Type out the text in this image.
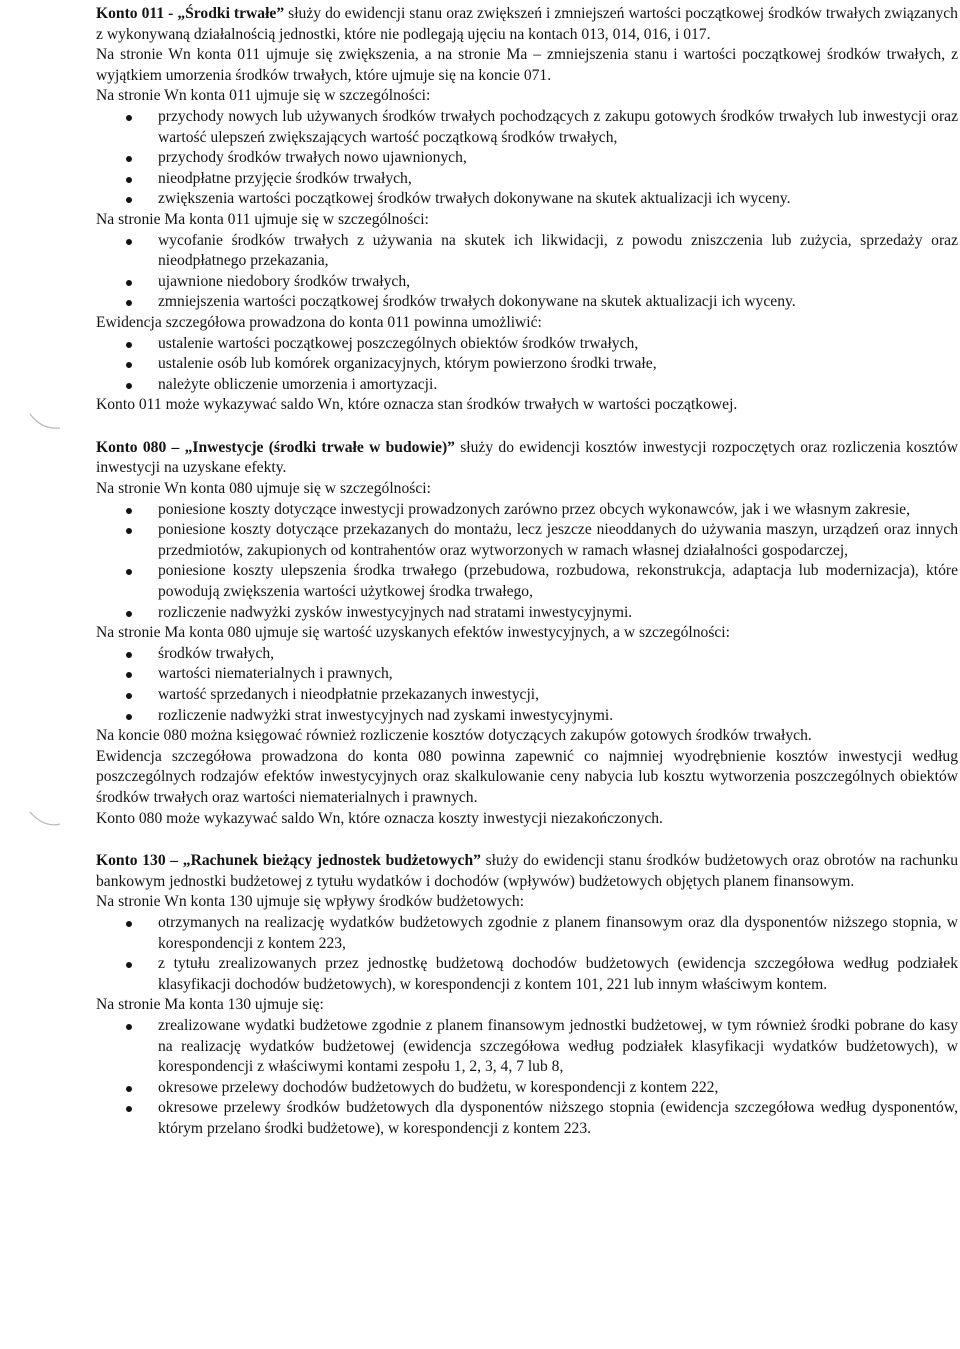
Konto 011 - „Środki trwałe” służy do ewidencji stanu oraz zwiększeń i zmniejszeń wartości początkowej środków trwałych związanych z wykonywaną działalnością jednostki, które nie podlegają ujęciu na kontach 013, 014, 016, i 017.

Na stronie Wn konta 011 ujmuje się zwiększenia, a na stronie Ma – zmniejszenia stanu i wartości początkowej środków trwałych, z wyjątkiem umorzenia środków trwałych, które ujmuje się na koncie 071.

Na stronie Wn konta 011 ujmuje się w szczególności:

przychody nowych lub używanych środków trwałych pochodzących z zakupu gotowych środków trwałych lub inwestycji oraz wartość ulepszeń zwiększających wartość początkową środków trwałych,
przychody środków trwałych nowo ujawnionych,
nieodpłatne przyjęcie środków trwałych,
zwiększenia wartości początkowej środków trwałych dokonywane na skutek aktualizacji ich wyceny.

Na stronie Ma konta 011 ujmuje się w szczególności:

wycofanie środków trwałych z używania na skutek ich likwidacji, z powodu zniszczenia lub zużycia, sprzedaży oraz nieodpłatnego przekazania,
ujawnione niedobory środków trwałych,
zmniejszenia wartości początkowej środków trwałych dokonywane na skutek aktualizacji ich wyceny.

Ewidencja szczegółowa prowadzona do konta 011 powinna umożliwić:

ustalenie wartości początkowej poszczególnych obiektów środków trwałych,
ustalenie osób lub komórek organizacyjnych, którym powierzono środki trwałe,
należyte obliczenie umorzenia i amortyzacji.

Konto 011 może wykazywać saldo Wn, które oznacza stan środków trwałych w wartości początkowej.

Konto 080 – „Inwestycje (środki trwałe w budowie)” służy do ewidencji kosztów inwestycji rozpoczętych oraz rozliczenia kosztów inwestycji na uzyskane efekty.

Na stronie Wn konta 080 ujmuje się w szczególności:

poniesione koszty dotyczące inwestycji prowadzonych zarówno przez obcych wykonawców, jak i we własnym zakresie,
poniesione koszty dotyczące przekazanych do montażu, lecz jeszcze nieoddanych do używania maszyn, urządzeń oraz innych przedmiotów, zakupionych od kontrahentów oraz wytworzonych w ramach własnej działalności gospodarczej,
poniesione koszty ulepszenia środka trwałego (przebudowa, rozbudowa, rekonstrukcja, adaptacja lub modernizacja), które powodują zwiększenia wartości użytkowej środka trwałego,
rozliczenie nadwyżki zysków inwestycyjnych nad stratami inwestycyjnymi.

Na stronie Ma konta 080 ujmuje się wartość uzyskanych efektów inwestycyjnych, a w szczególności:

środków trwałych,
wartości niematerialnych i prawnych,
wartość sprzedanych i nieodpłatnie przekazanych inwestycji,
rozliczenie nadwyżki strat inwestycyjnych nad zyskami inwestycyjnymi.

Na koncie 080 można księgować również rozliczenie kosztów dotyczących zakupów gotowych środków trwałych.

Ewidencja szczegółowa prowadzona do konta 080 powinna zapewnić co najmniej wyodrębnienie kosztów inwestycji według poszczególnych rodzajów efektów inwestycyjnych oraz skalkulowanie ceny nabycia lub kosztu wytworzenia poszczególnych obiektów środków trwałych oraz wartości niematerialnych i prawnych.

Konto 080 może wykazywać saldo Wn, które oznacza koszty inwestycji niezakończonych.

Konto 130 – „Rachunek bieżący jednostek budżetowych” służy do ewidencji stanu środków budżetowych oraz obrotów na rachunku bankowym jednostki budżetowej z tytułu wydatków i dochodów (wpływów) budżetowych objętych planem finansowym.

Na stronie Wn konta 130 ujmuje się wpływy środków budżetowych:

otrzymanych na realizację wydatków budżetowych zgodnie z planem finansowym oraz dla dysponentów niższego stopnia, w korespondencji z kontem 223,
z tytułu zrealizowanych przez jednostkę budżetową dochodów budżetowych (ewidencja szczegółowa według podziałek klasyfikacji dochodów budżetowych), w korespondencji z kontem 101, 221 lub innym właściwym kontem.

Na stronie Ma konta 130 ujmuje się:

zrealizowane wydatki budżetowe zgodnie z planem finansowym jednostki budżetowej, w tym również środki pobrane do kasy na realizację wydatków budżetowej (ewidencja szczegółowa według podziałek klasyfikacji wydatków budżetowych), w korespondencji z właściwymi kontami zespołu 1, 2, 3, 4, 7 lub 8,
okresowe przelewy dochodów budżetowych do budżetu, w korespondencji z kontem 222,
okresowe przelewy środków budżetowych dla dysponentów niższego stopnia (ewidencja szczegółowa według dysponentów, którym przelano środki budżetowe), w korespondencji z kontem 223.
